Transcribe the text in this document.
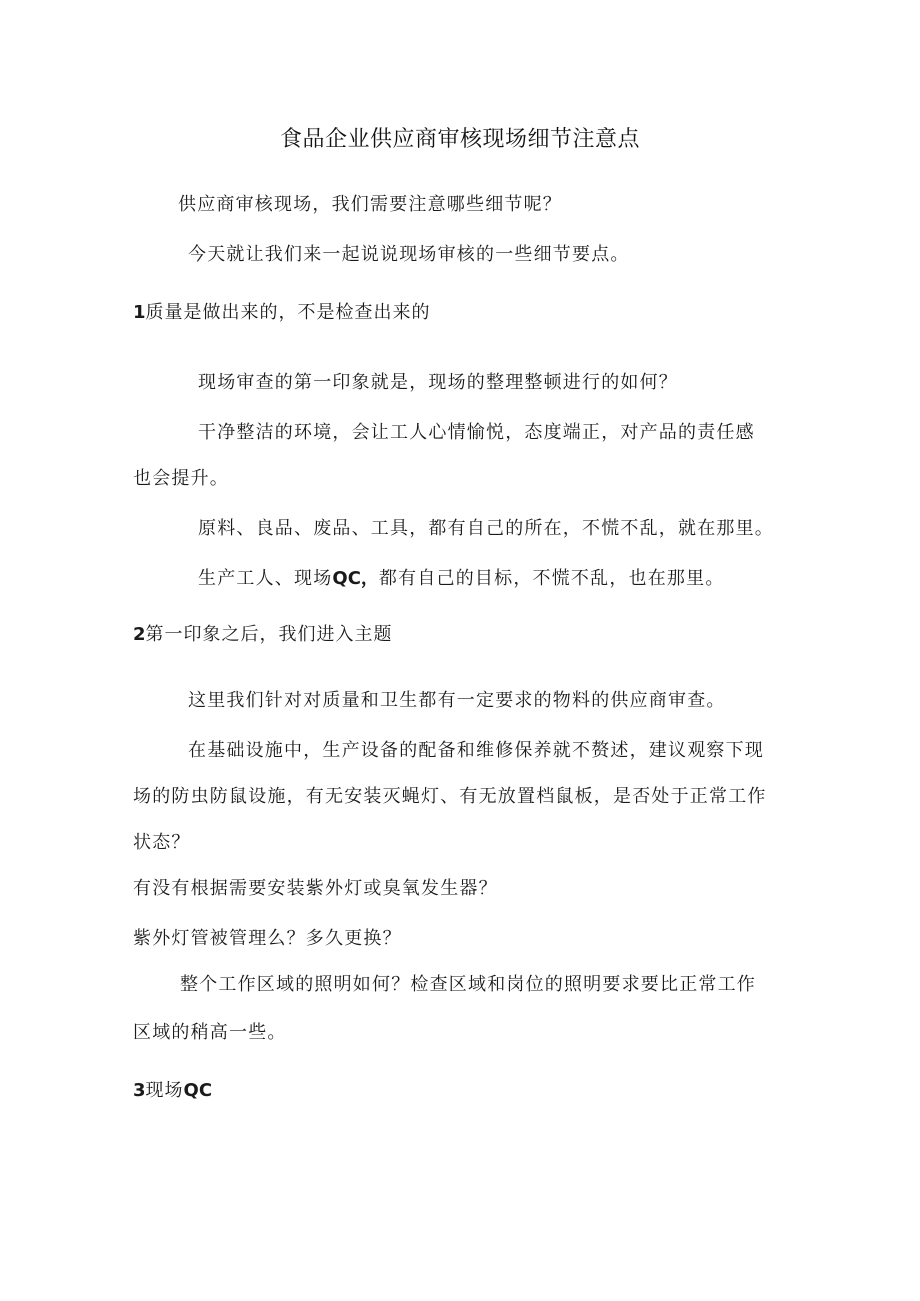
食品企业供应商审核现场细节注意点
供应商审核现场，我们需要注意哪些细节呢？
今天就让我们来一起说说现场审核的一些细节要点。
1质量是做出来的，不是检查出来的
现场审查的第一印象就是，现场的整理整顿进行的如何？
干净整洁的环境，会让工人心情愉悦，态度端正，对产品的责任感
也会提升。
原料、良品、废品、工具，都有自己的所在，不慌不乱，就在那里。
生产工人、现场QC，都有自己的目标，不慌不乱，也在那里。
2第一印象之后，我们进入主题
这里我们针对对质量和卫生都有一定要求的物料的供应商审查。
在基础设施中，生产设备的配备和维修保养就不赘述，建议观察下现
场的防虫防鼠设施，有无安装灭蝇灯、有无放置档鼠板，是否处于正常工作
状态？
有没有根据需要安装紫外灯或臭氧发生器？
紫外灯管被管理么？多久更换？
整个工作区域的照明如何？检查区域和岗位的照明要求要比正常工作
区域的稍高一些。
3现场QC
